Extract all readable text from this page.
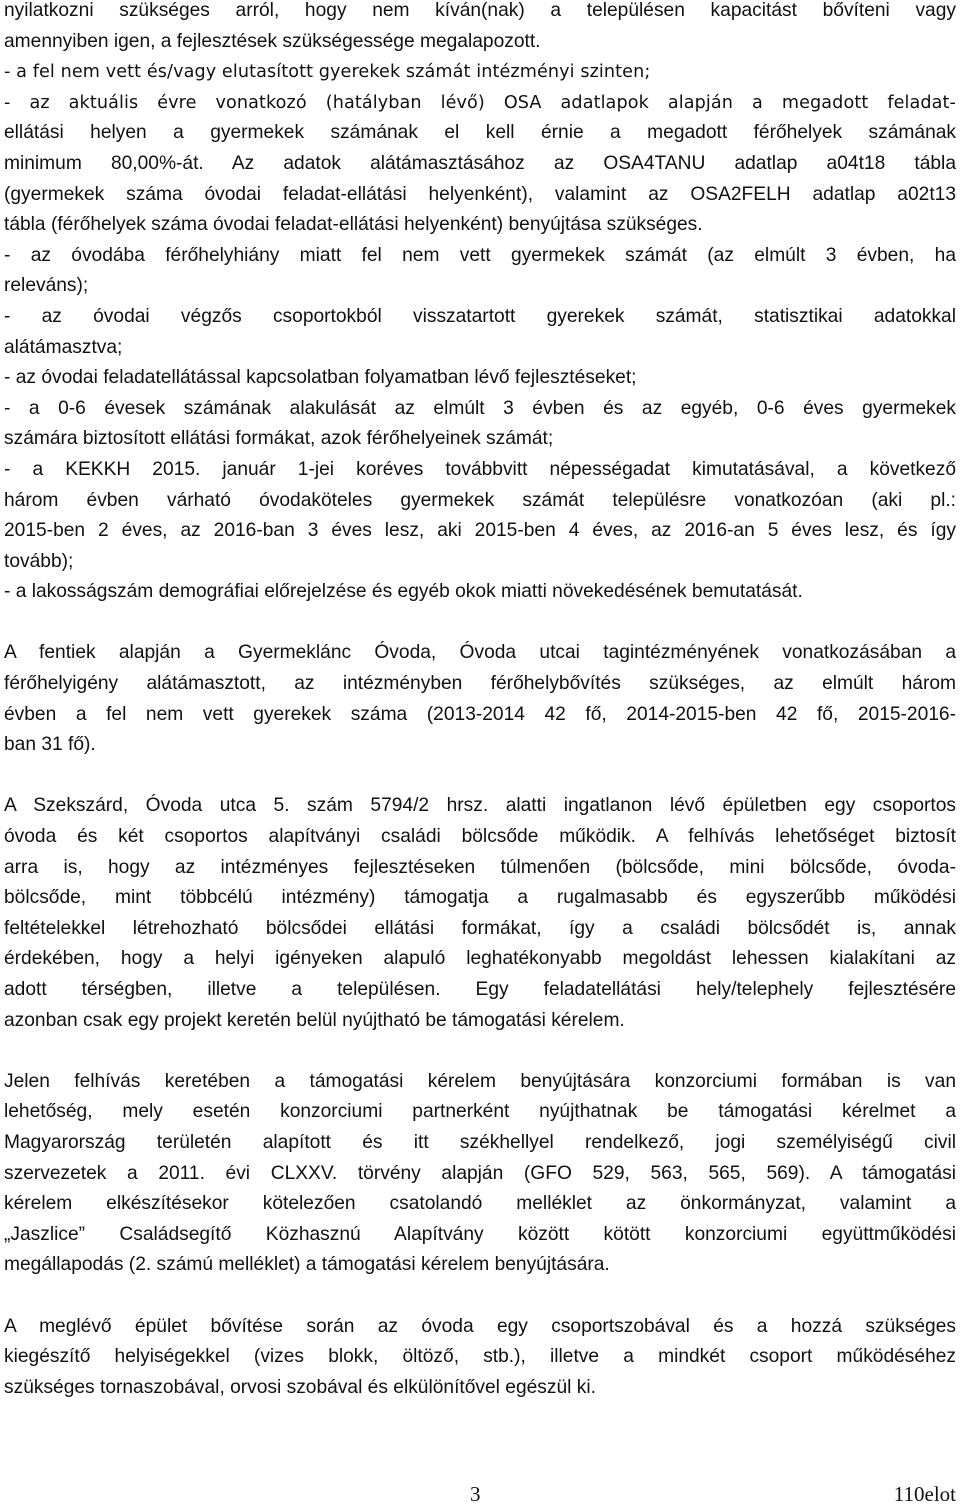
nyilatkozni szükséges arról, hogy nem kíván(nak) a településen kapacitást bővíteni vagy
amennyiben igen, a fejlesztések szükségessége megalapozott.
- a fel nem vett és/vagy elutasított gyerekek számát intézményi szinten;
- az aktuális évre vonatkozó (hatályban lévő) OSA adatlapok alapján a megadott feladat-
ellátási helyen a gyermekek számának el kell érnie a megadott férőhelyek számának
minimum 80,00%-át. Az adatok alátámasztásához az OSA4TANU adatlap a04t18 tábla
(gyermekek száma óvodai feladat-ellátási helyenként), valamint az OSA2FELH adatlap a02t13
tábla (férőhelyek száma óvodai feladat-ellátási helyenként) benyújtása szükséges.
- az óvodába férőhelyhiány miatt fel nem vett gyermekek számát (az elmúlt 3 évben, ha
releváns);
- az óvodai végzős csoportokból visszatartott gyerekek számát, statisztikai adatokkal
alátámasztva;
- az óvodai feladatellátással kapcsolatban folyamatban lévő fejlesztéseket;
- a 0-6 évesek számának alakulását az elmúlt 3 évben és az egyéb, 0-6 éves gyermekek
számára biztosított ellátási formákat, azok férőhelyeinek számát;
- a KEKKH 2015. január 1-jei koréves továbbvitt népességadat kimutatásával, a következő
három évben várható óvodaköteles gyermekek számát településre vonatkozóan (aki pl.:
2015-ben 2 éves, az 2016-ban 3 éves lesz, aki 2015-ben 4 éves, az 2016-an 5 éves lesz, és így
tovább);
- a lakosságszám demográfiai előrejelzése és egyéb okok miatti növekedésének bemutatását.
A fentiek alapján a Gyermeklánc Óvoda, Óvoda utcai tagintézményének vonatkozásában a
férőhelyigény alátámasztott, az intézményben férőhelybővítés szükséges, az elmúlt három
évben a fel nem vett gyerekek száma (2013-2014 42 fő, 2014-2015-ben 42 fő, 2015-2016-
ban 31 fő).
A Szekszárd, Óvoda utca 5. szám 5794/2 hrsz. alatti ingatlanon lévő épületben egy csoportos
óvoda és két csoportos alapítványi családi bölcsőde működik. A felhívás lehetőséget biztosít
arra is, hogy az intézményes fejlesztéseken túlmenően (bölcsőde, mini bölcsőde, óvoda-
bölcsőde, mint többcélú intézmény) támogatja a rugalmasabb és egyszerűbb működési
feltételekkel létrehozható bölcsődei ellátási formákat, így a családi bölcsődét is, annak
érdekében, hogy a helyi igényeken alapuló leghatékonyabb megoldást lehessen kialakítani az
adott térségben, illetve a településen. Egy feladatellátási hely/telephely fejlesztésére
azonban csak egy projekt keretén belül nyújtható be támogatási kérelem.
Jelen felhívás keretében a támogatási kérelem benyújtására konzorciumi formában is van
lehetőség, mely esetén konzorciumi partnerként nyújthatnak be támogatási kérelmet a
Magyarország területén alapított és itt székhellyel rendelkező, jogi személyiségű civil
szervezetek a 2011. évi CLXXV. törvény alapján (GFO 529, 563, 565, 569). A támogatási
kérelem elkészítésekor kötelezően csatolandó melléklet az önkormányzat, valamint a
„Jaszlice” Családsegítő Közhasznú Alapítvány között kötött konzorciumi együttműködési
megállapodás (2. számú melléklet) a támogatási kérelem benyújtására.
A meglévő épület bővítése során az óvoda egy csoportszobával és a hozzá szükséges
kiegészítő helyiségekkel (vizes blokk, öltöző, stb.), illetve a mindkét csoport működéséhez
szükséges tornaszobával, orvosi szobával és elkülönítővel egészül ki.
3	110elot
